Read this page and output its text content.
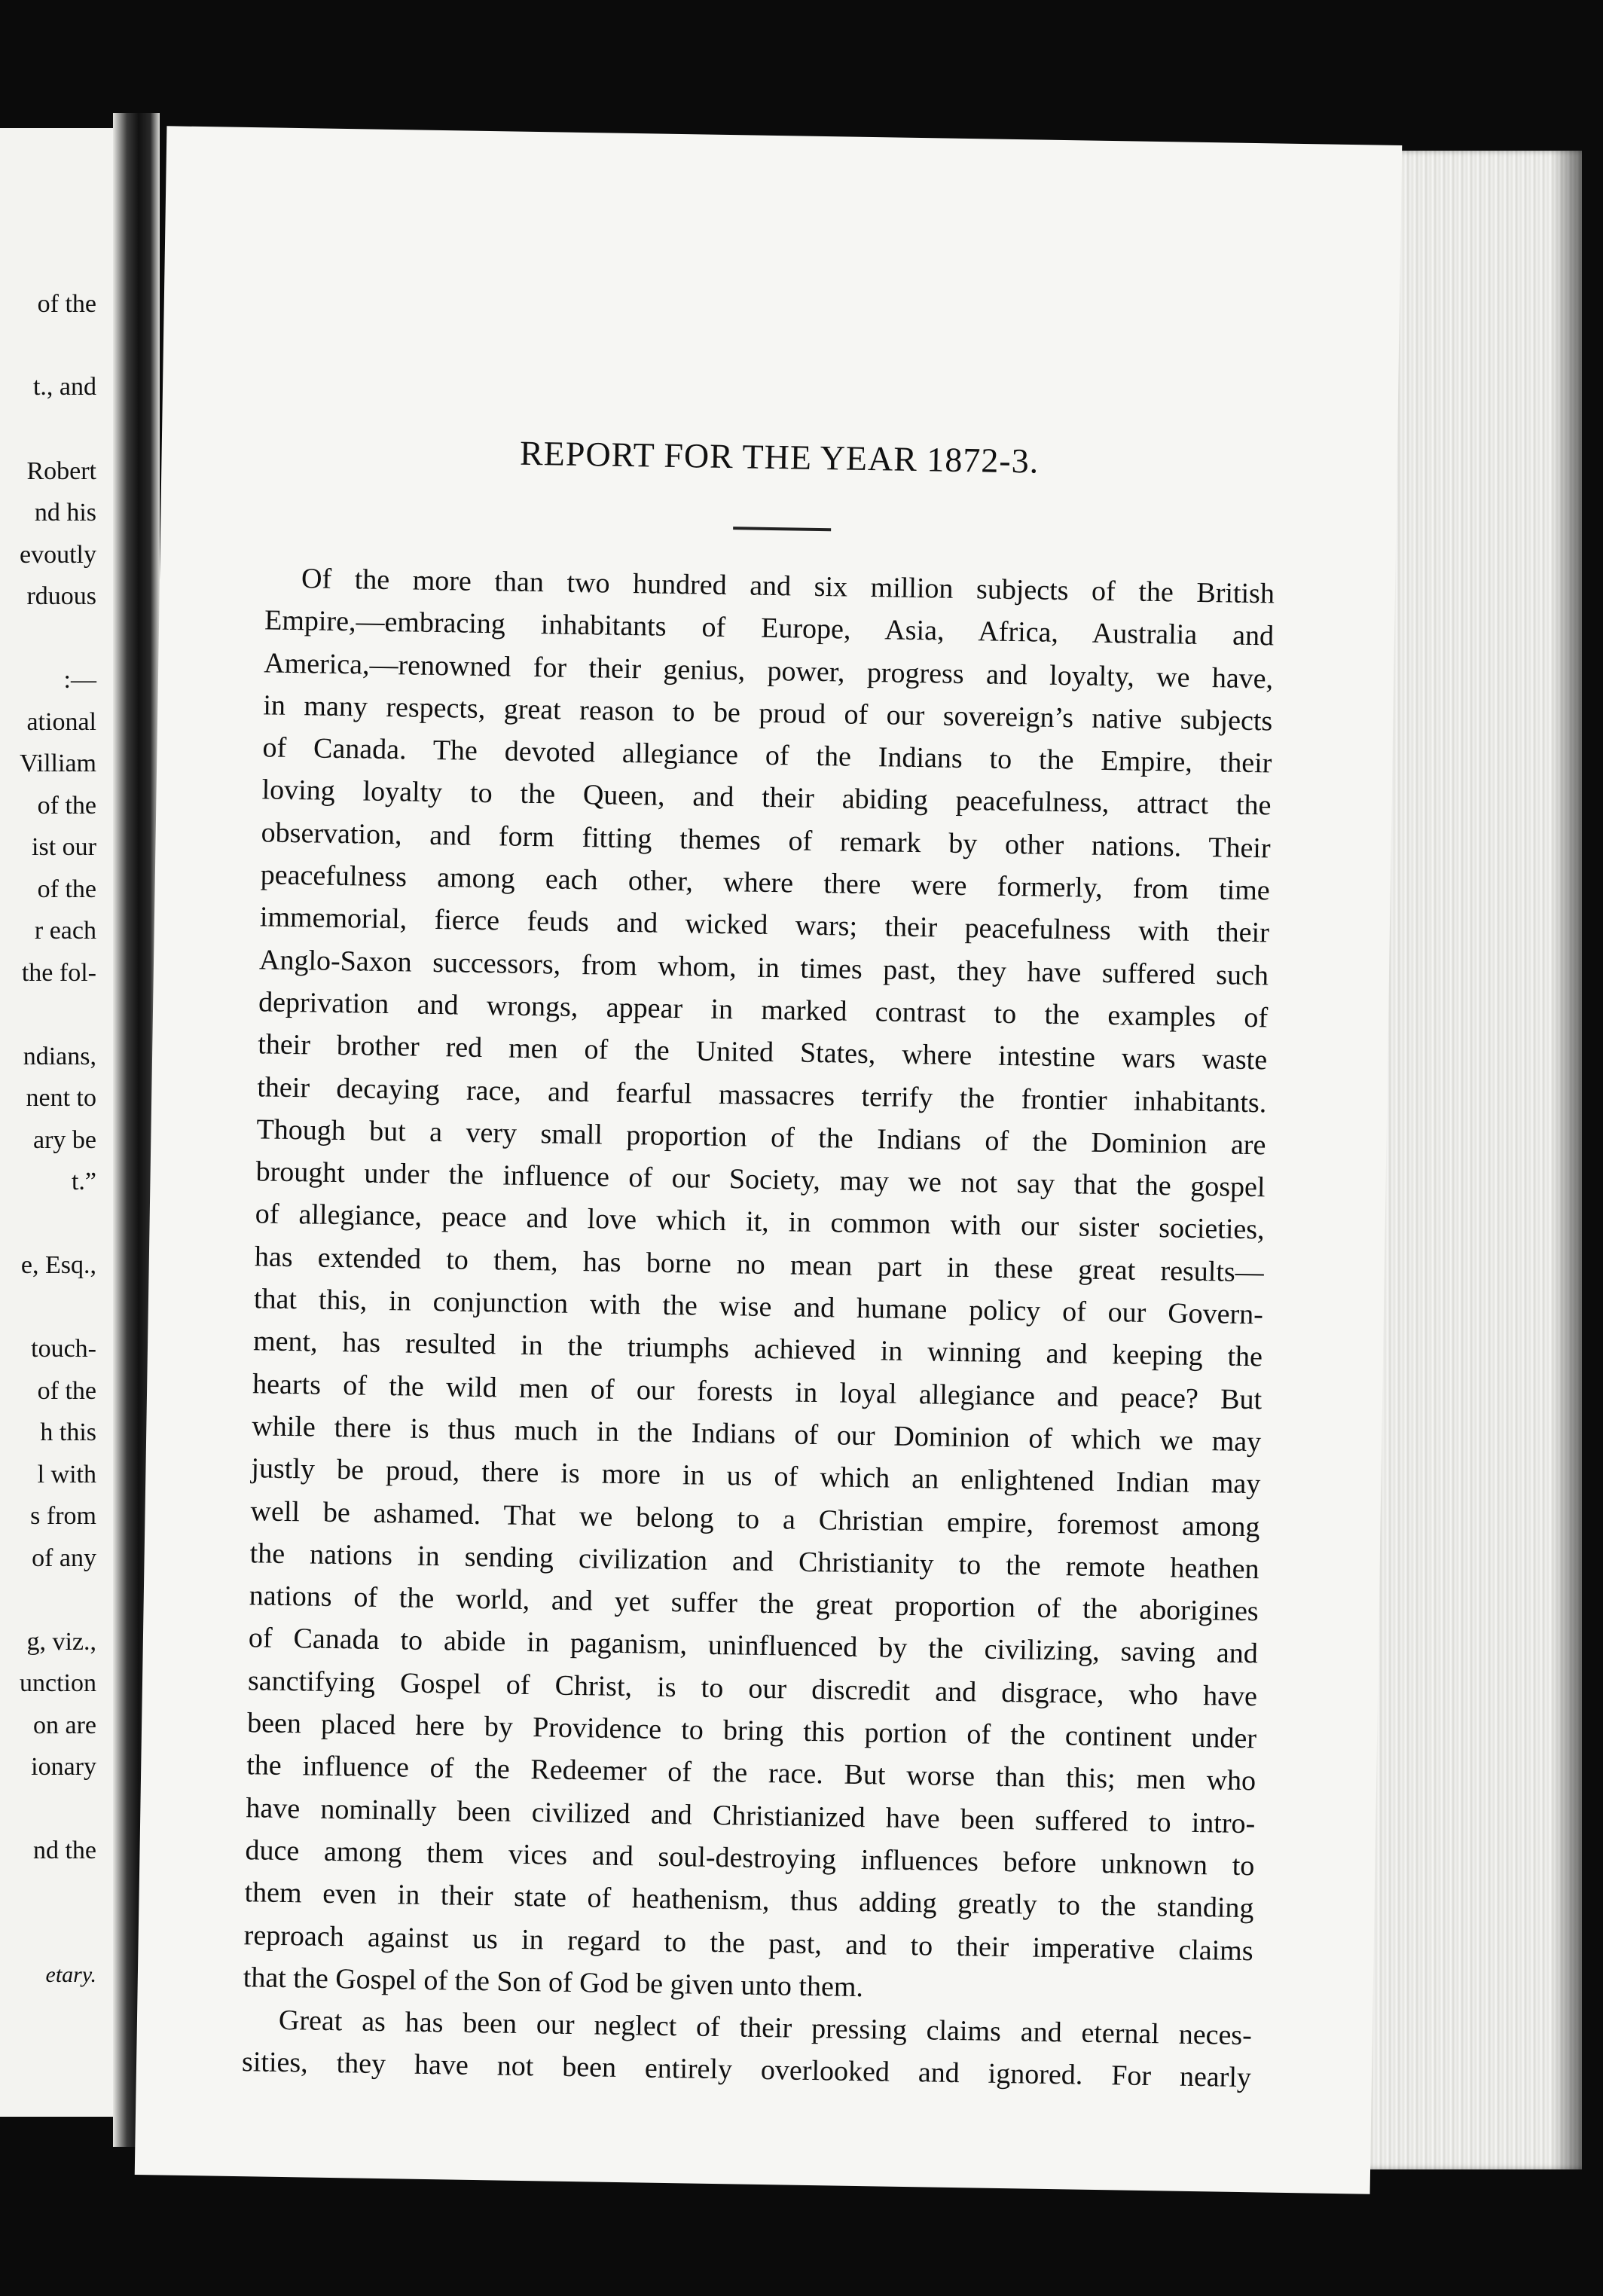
of the
t., and
Robert
nd his
evoutly
rduous
:—
ational
Villiam
of the
ist our
of the
r each
the fol-
ndians,
nent to
ary be
t.”
e, Esq.,
touch-
of the
h this
l with
s from
of any
g, viz.,
unction
on are
ionary
nd the
etary.
REPORT FOR THE YEAR 1872-3.
Of the more than two hundred and six million subjects of the British
Empire,—embracing inhabitants of Europe, Asia, Africa, Australia and
America,—renowned for their genius, power, progress and loyalty, we have,
in many respects, great reason to be proud of our sovereign’s native subjects
of Canada. The devoted allegiance of the Indians to the Empire, their
loving loyalty to the Queen, and their abiding peacefulness, attract the
observation, and form fitting themes of remark by other nations. Their
peacefulness among each other, where there were formerly, from time
immemorial, fierce feuds and wicked wars; their peacefulness with their
Anglo-Saxon successors, from whom, in times past, they have suffered such
deprivation and wrongs, appear in marked contrast to the examples of
their brother red men of the United States, where intestine wars waste
their decaying race, and fearful massacres terrify the frontier inhabitants.
Though but a very small proportion of the Indians of the Dominion are
brought under the influence of our Society, may we not say that the gospel
of allegiance, peace and love which it, in common with our sister societies,
has extended to them, has borne no mean part in these great results—
that this, in conjunction with the wise and humane policy of our Govern-
ment, has resulted in the triumphs achieved in winning and keeping the
hearts of the wild men of our forests in loyal allegiance and peace? But
while there is thus much in the Indians of our Dominion of which we may
justly be proud, there is more in us of which an enlightened Indian may
well be ashamed. That we belong to a Christian empire, foremost among
the nations in sending civilization and Christianity to the remote heathen
nations of the world, and yet suffer the great proportion of the aborigines
of Canada to abide in paganism, uninfluenced by the civilizing, saving and
sanctifying Gospel of Christ, is to our discredit and disgrace, who have
been placed here by Providence to bring this portion of the continent under
the influence of the Redeemer of the race. But worse than this; men who
have nominally been civilized and Christianized have been suffered to intro-
duce among them vices and soul-destroying influences before unknown to
them even in their state of heathenism, thus adding greatly to the standing
reproach against us in regard to the past, and to their imperative claims
that the Gospel of the Son of God be given unto them.
Great as has been our neglect of their pressing claims and eternal neces-
sities, they have not been entirely overlooked and ignored. For nearly
